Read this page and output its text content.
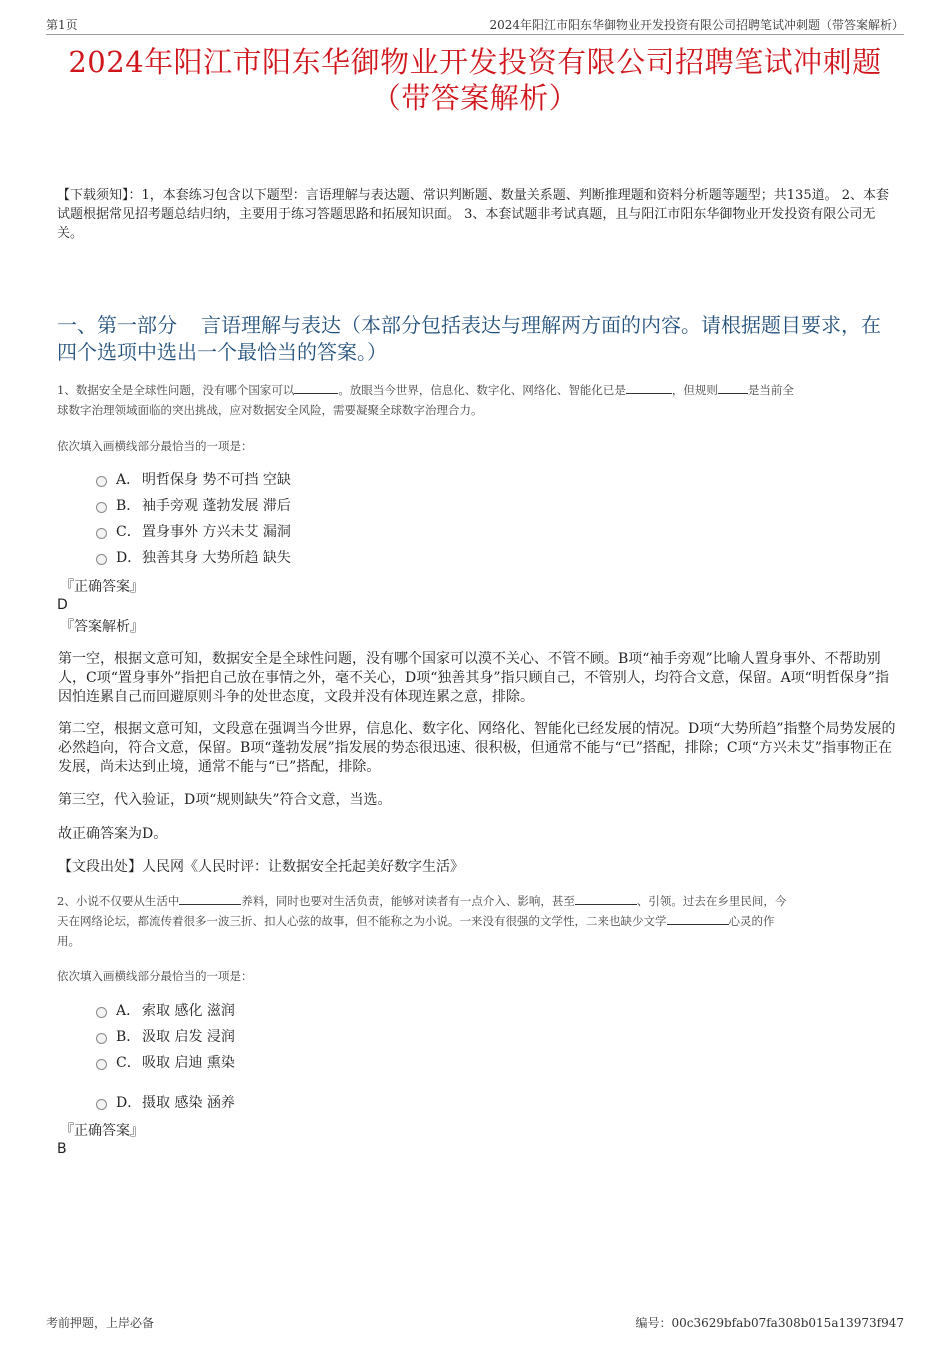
第1页	2024年阳江市阳东华御物业开发投资有限公司招聘笔试冲刺题（带答案解析）
2024年阳江市阳东华御物业开发投资有限公司招聘笔试冲刺题
（带答案解析）
【下载须知】：1，本套练习包含以下题型：言语理解与表达题、常识判断题、数量关系题、判断推理题和资料分析题等题型；共135道。 2、本套试题根据常见招考题总结归纳，主要用于练习答题思路和拓展知识面。 3、本套试题非考试真题，且与阳江市阳东华御物业开发投资有限公司无关。
一、第一部分 言语理解与表达（本部分包括表达与理解两方面的内容。请根据题目要求，在四个选项中选出一个最恰当的答案。）
1、数据安全是全球性问题，没有哪个国家可以	。放眼当今世界，信息化、数字化、网络化、智能化已是	，但规则	是当前全
球数字治理领域面临的突出挑战，应对数据安全风险，需要凝聚全球数字治理合力。
依次填入画横线部分最恰当的一项是：
A． 明哲保身 势不可挡 空缺
B． 袖手旁观 蓬勃发展 滞后
C．置身事外 方兴未艾 漏洞
D．独善其身 大势所趋 缺失
『正确答案』
D
『答案解析』
第一空，根据文意可知，数据安全是全球性问题，没有哪个国家可以漠不关心、不管不顾。B项“袖手旁观”比喻人置身事外、不帮助别人，C项“置身事外”指把自己放在事情之外，毫不关心，D项“独善其身”指只顾自己，不管别人，均符合文意，保留。A项“明哲保身”指因怕连累自己而回避原则斗争的处世态度，文段并没有体现连累之意，排除。
第二空，根据文意可知，文段意在强调当今世界，信息化、数字化、网络化、智能化已经发展的情况。D项“大势所趋”指整个局势发展的必然趋向，符合文意，保留。B项“蓬勃发展”指发展的势态很迅速、很积极，但通常不能与“已”搭配，排除；C项“方兴未艾”指事物正在发展，尚未达到止境，通常不能与“已”搭配，排除。
第三空，代入验证，D项“规则缺失”符合文意，当选。
故正确答案为D。
【文段出处】人民网《人民时评：让数据安全托起美好数字生活》
2、小说不仅要从生活中	养料，同时也要对生活负责，能够对读者有一点介入、影响，甚至	、引领。过去在乡里民间，今
天在网络论坛，都流传着很多一波三折、扣人心弦的故事，但不能称之为小说。一来没有很强的文学性，二来也缺少文学	心灵的作
用。
依次填入画横线部分最恰当的一项是：
A． 索取 感化 滋润
B． 汲取 启发 浸润
C．吸取 启迪 熏染
D．摄取 感染 涵养
『正确答案』
B
考前押题，上岸必备	编号：00c3629bfab07fa308b015a13973f947
